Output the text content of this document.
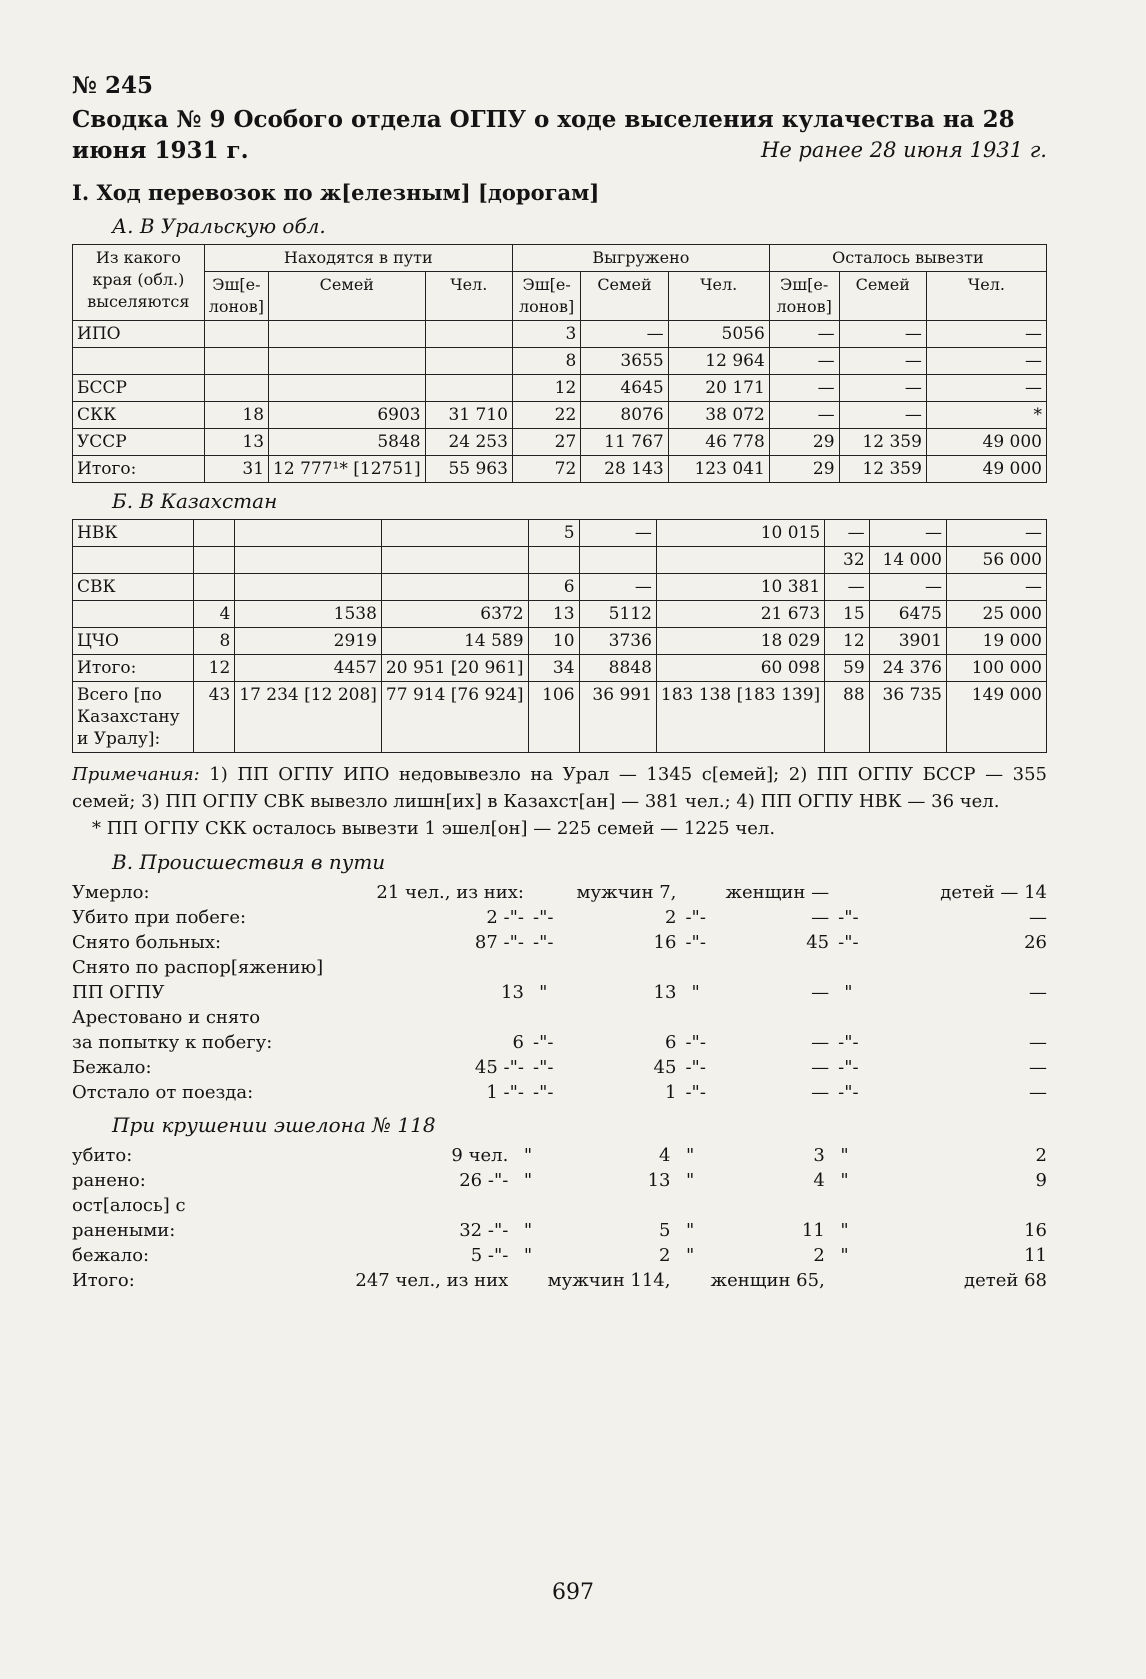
№ 245
Сводка № 9 Особого отдела ОГПУ о ходе выселения кулачества на 28 июня 1931 г.	Не ранее 28 июня 1931 г.
I. Ход перевозок по ж[елезным] [дорогам]
А. В Уральскую обл.
Из какого края (обл.) выселяются	Находятся в пути			Выгружено			Осталось вывезти		
	Эш[е-лонов]	Семей	Чел.	Эш[е-лонов]	Семей	Чел.	Эш[е-лонов]	Семей	Чел.
ИПО				3	—	5056	—	—	—
				8	3655	12 964	—	—	—
БССР				12	4645	20 171	—	—	—
СКК	18	6903	31 710	22	8076	38 072	—	—	*
УССР	13	5848	24 253	27	11 767	46 778	29	12 359	49 000
Итого:	31	12 777¹* [12751]	55 963	72	28 143	123 041	29	12 359	49 000
Б. В Казахстан
НВК				5	—	10 015	—	—	—
							32	14 000	56 000
СВК				6	—	10 381	—	—	—
	4	1538	6372	13	5112	21 673	15	6475	25 000
ЦЧО	8	2919	14 589	10	3736	18 029	12	3901	19 000
Итого:	12	4457	20 951 [20 961]	34	8848	60 098	59	24 376	100 000
Всего [по Казахстану и Уралу]:	43	17 234 [12 208]	77 914 [76 924]	106	36 991	183 138 [183 139]	88	36 735	149 000
Примечания: 1) ПП ОГПУ ИПО недовывезло на Урал — 1345 с[емей]; 2) ПП ОГПУ БССР — 355 семей; 3) ПП ОГПУ СВК вывезло лишн[их] в Казахст[ан] — 381 чел.; 4) ПП ОГПУ НВК — 36 чел.
* ПП ОГПУ СКК осталось вывезти 1 эшел[он] — 225 семей — 1225 чел.
В. Происшествия в пути
Умерло:	21 чел., из них:		мужчин 7,		женщин —		детей — 14
Убито при побеге:	2 -"-	-"-	2	-"-	—	-"-	—
Снято больных:	87 -"-	-"-	16	-"-	45	-"-	26
Снято по распор[яжению]							
ПП ОГПУ	13	"	13	"	—	"	—
Арестовано и снято							
за попытку к побегу:	6	-"-	6	-"-	—	-"-	—
Бежало:	45 -"-	-"-	45	-"-	—	-"-	—
Отстало от поезда:	1 -"-	-"-	1	-"-	—	-"-	—
При крушении эшелона № 118
убито:	9 чел.	"	4	"	3	"	2
ранено:	26 -"-	"	13	"	4	"	9
ост[алось] с							
ранеными:	32 -"-	"	5	"	11	"	16
бежало:	5 -"-	"	2	"	2	"	11
Итого:	247 чел., из них		мужчин 114,		женщин 65,		детей 68
697
